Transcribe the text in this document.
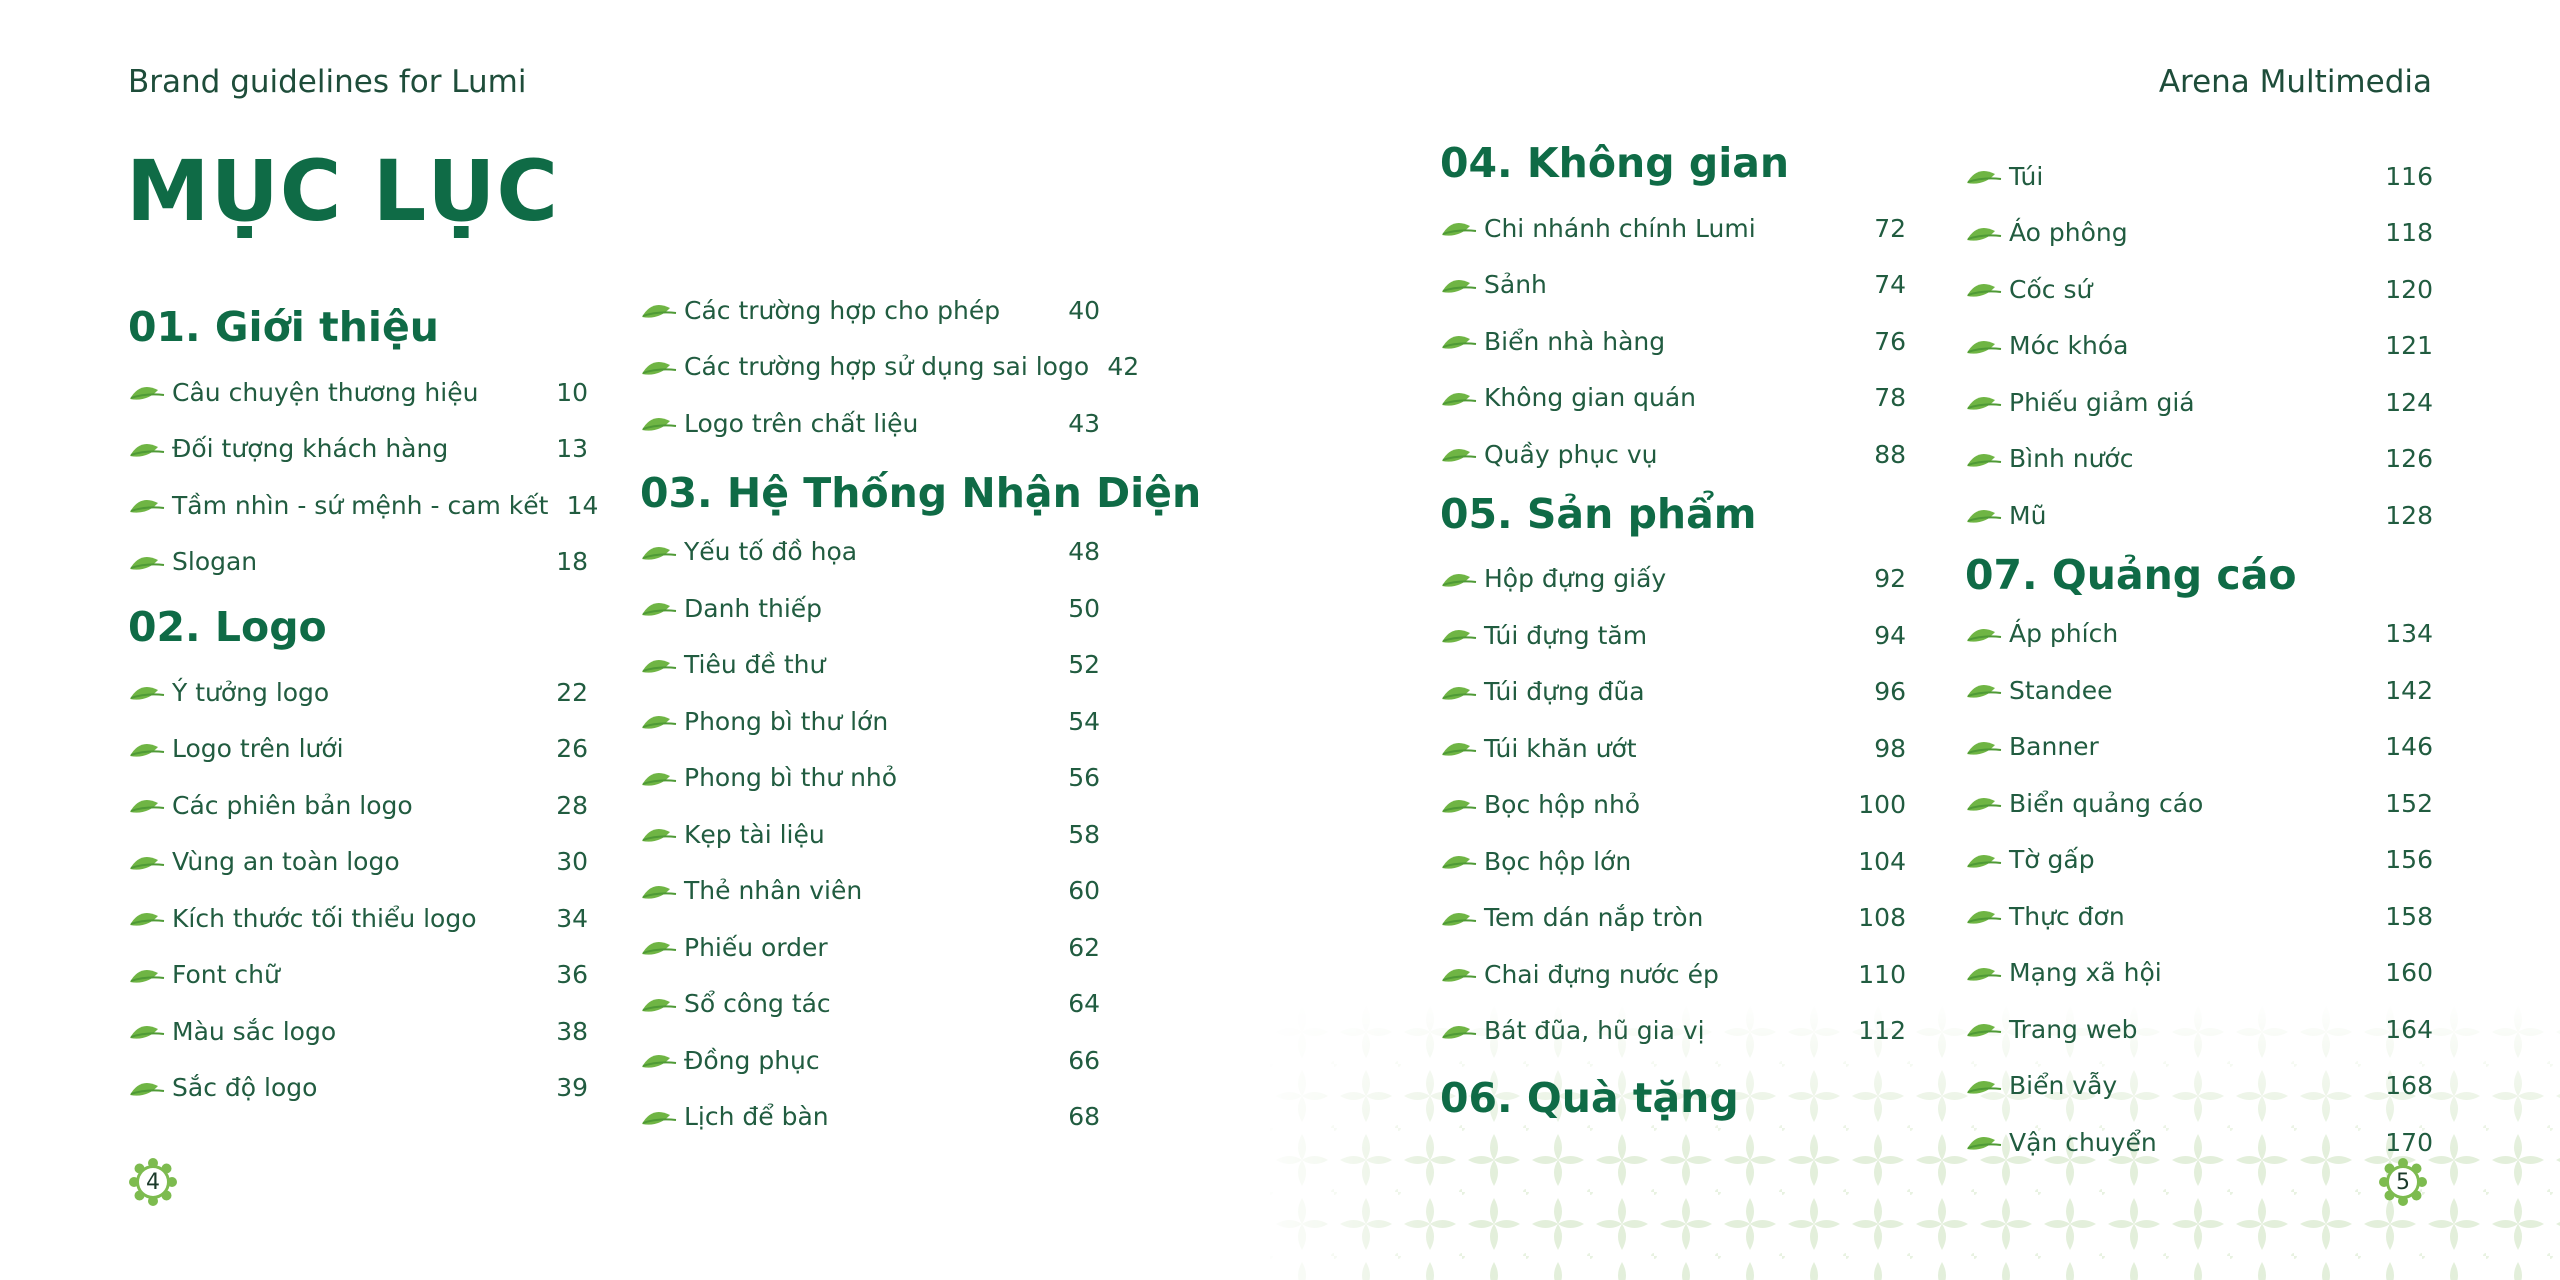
Brand guidelines for Lumi	Arena Multimedia
MỤC LỤC
01. Giới thiệu
Câu chuyện thương hiệu	10
Đối tượng khách hàng	13
Tầm nhìn - sứ mệnh - cam kết 14
Slogan	18
02. Logo
Ý tưởng logo	22
Logo trên lưới	26
Các phiên bản logo	28
Vùng an toàn logo	30
Kích thước tối thiểu logo	34
Font chữ	36
Màu sắc logo	38
Sắc độ logo	39
Các trường hợp cho phép	40
Các trường hợp sử dụng sai logo 42
Logo trên chất liệu	43
03. Hệ Thống Nhận Diện
Yếu tố đồ họa	48
Danh thiếp	50
Tiêu đề thư	52
Phong bì thư lớn	54
Phong bì thư nhỏ	56
Kẹp tài liệu	58
Thẻ nhân viên	60
Phiếu order	62
Sổ công tác	64
Đồng phục	66
Lịch để bàn	68
04. Không gian
Chi nhánh chính Lumi	72
Sảnh	74
Biển nhà hàng	76
Không gian quán	78
Quầy phục vụ	88
05. Sản phẩm
Hộp đựng giấy	92
Túi đựng tăm	94
Túi đựng đũa	96
Túi khăn ướt	98
Bọc hộp nhỏ	100
Bọc hộp lớn	104
Tem dán nắp tròn	108
Chai đựng nước ép	110
Bát đũa, hũ gia vị	112
06. Quà tặng
Túi	116
Áo phông	118
Cốc sứ	120
Móc khóa	121
Phiếu giảm giá	124
Bình nước	126
Mũ	128
07. Quảng cáo
Áp phích	134
Standee	142
Banner	146
Biển quảng cáo	152
Tờ gấp	156
Thực đơn	158
Mạng xã hội	160
Trang web	164
Biển vẫy	168
Vận chuyển	170
4	5
